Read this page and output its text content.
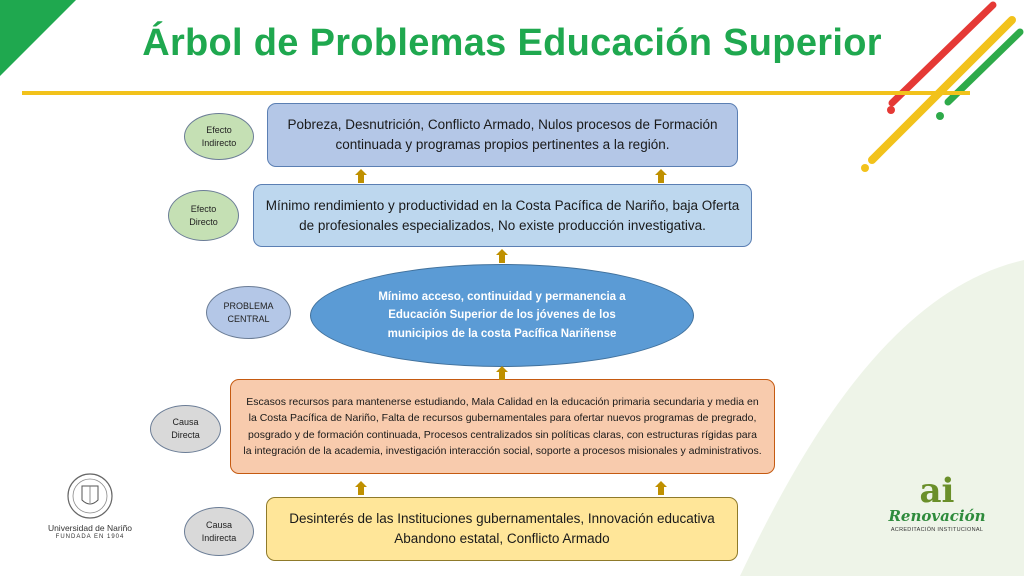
Árbol de Problemas Educación Superior
Efecto Indirecto
Efecto Directo
PROBLEMA CENTRAL
Causa Directa
Causa Indirecta
Pobreza, Desnutrición, Conflicto Armado, Nulos procesos de Formación continuada y programas propios pertinentes a la región.
Mínimo rendimiento y productividad en la Costa Pacífica de Nariño, baja Oferta de profesionales especializados, No existe producción investigativa.
Mínimo acceso, continuidad y permanencia a Educación Superior de los jóvenes de los municipios de la costa Pacífica Nariñense
Escasos recursos para mantenerse estudiando, Mala Calidad en la educación primaria secundaria y media en la Costa Pacífica de Nariño, Falta de recursos gubernamentales para ofertar nuevos programas de pregrado, posgrado y de formación continuada, Procesos centralizados sin políticas claras, con estructuras rígidas para la integración de la academia, investigación interacción social, soporte a procesos misionales y administrativos.
Desinterés de las Instituciones gubernamentales, Innovación educativa Abandono estatal, Conflicto Armado
Universidad de Nariño
FUNDADA EN 1904
ai
Renovación
ACREDITACIÓN INSTITUCIONAL
